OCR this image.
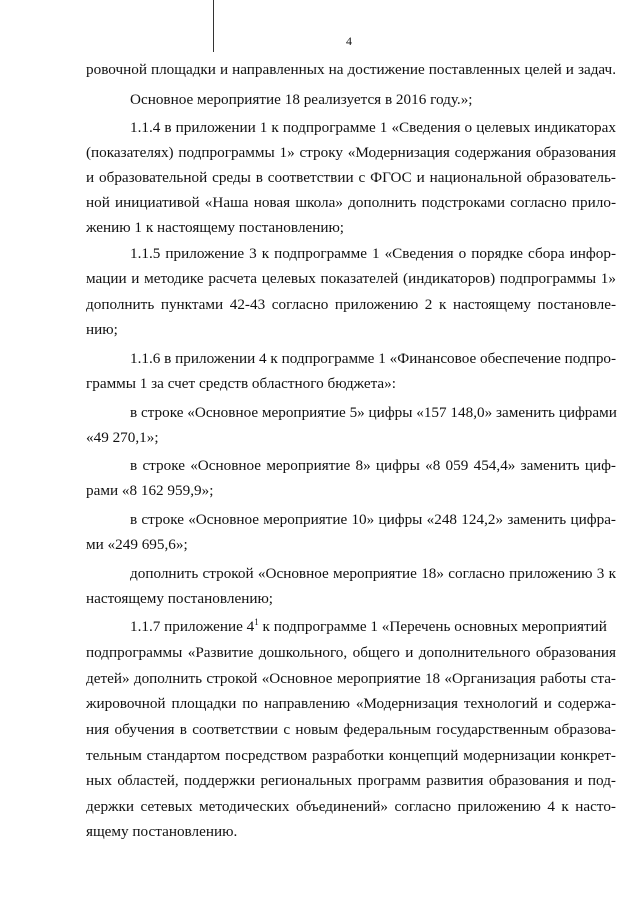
4
ровочной площадки и направленных на достижение поставленных целей и задач.
Основное мероприятие 18 реализуется в 2016 году.»;
1.1.4 в приложении 1 к подпрограмме 1 «Сведения о целевых индикаторах
(показателях) подпрограммы 1» строку «Модернизация содержания образования
и образовательной среды в соответствии с ФГОС и национальной образователь-
ной инициативой «Наша новая школа» дополнить подстроками согласно прило-
жению 1 к настоящему постановлению;
1.1.5 приложение 3 к подпрограмме 1 «Сведения о порядке сбора инфор-
мации и методике расчета целевых показателей (индикаторов) подпрограммы 1»
дополнить пунктами 42-43 согласно приложению 2 к настоящему постановле-
нию;
1.1.6 в приложении 4 к подпрограмме 1 «Финансовое обеспечение подпро-
граммы 1 за счет средств областного бюджета»:
в строке «Основное мероприятие 5» цифры «157 148,0» заменить цифрами
«49 270,1»;
в строке «Основное мероприятие 8» цифры «8 059 454,4» заменить циф-
рами «8 162 959,9»;
в строке «Основное мероприятие 10» цифры «248 124,2» заменить цифра-
ми «249 695,6»;
дополнить строкой «Основное мероприятие 18» согласно приложению 3 к
настоящему постановлению;
1.1.7 приложение $4^1$ к подпрограмме 1 «Перечень основных мероприятий
подпрограммы «Развитие дошкольного, общего и дополнительного образования
детей» дополнить строкой «Основное мероприятие 18 «Организация работы ста-
жировочной площадки по направлению «Модернизация технологий и содержа-
ния обучения в соответствии с новым федеральным государственным образова-
тельным стандартом посредством разработки концепций модернизации конкрет-
ных областей, поддержки региональных программ развития образования и под-
держки сетевых методических объединений» согласно приложению 4 к насто-
ящему постановлению.
